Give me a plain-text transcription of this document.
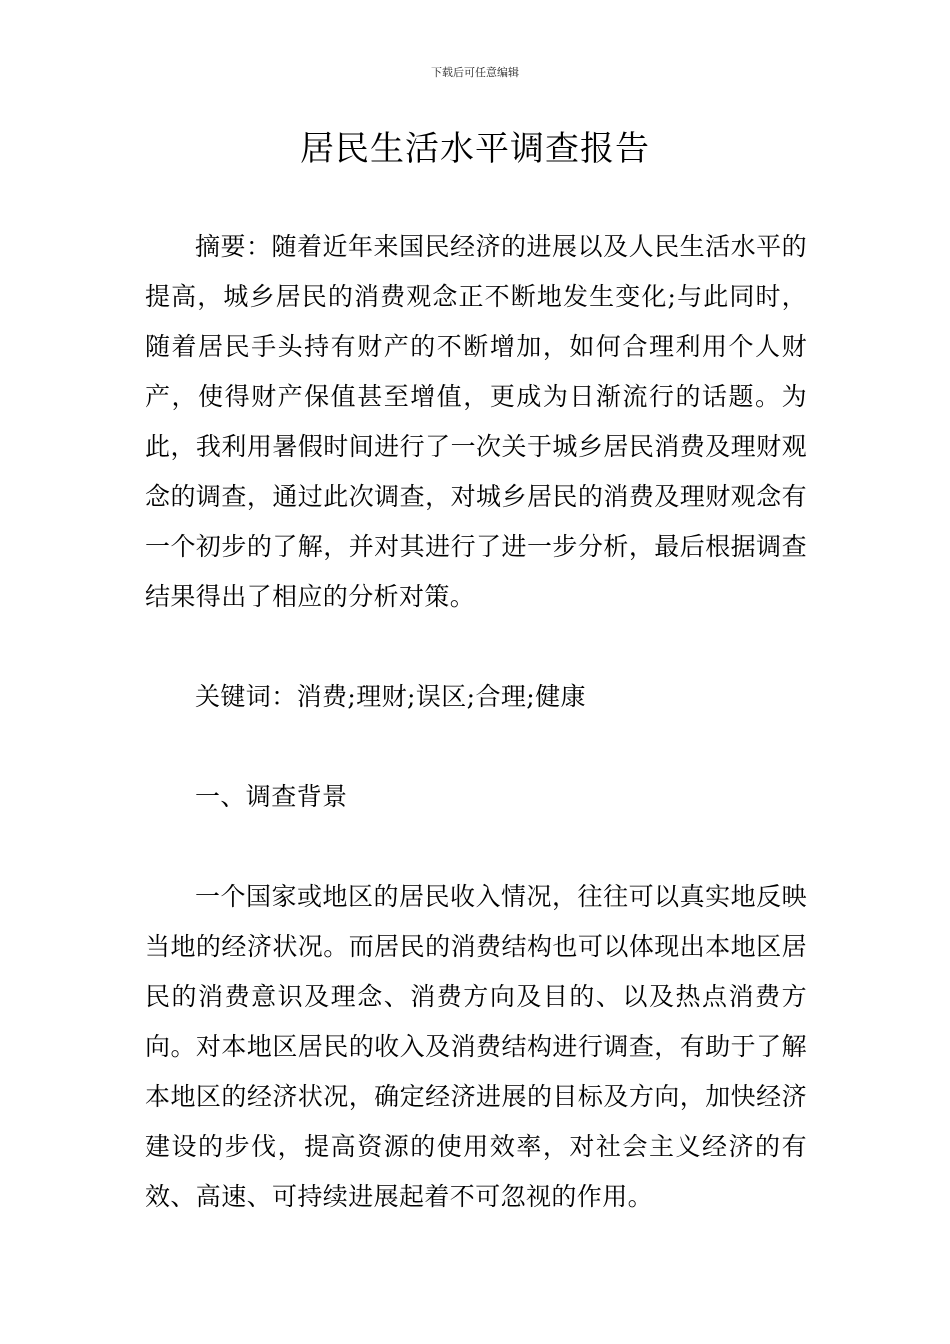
下载后可任意编辑
居民生活水平调查报告

摘要：随着近年来国民经济的进展以及人民生活水平的提高，城乡居民的消费观念正不断地发生变化;与此同时，随着居民手头持有财产的不断增加，如何合理利用个人财产，使得财产保值甚至增值，更成为日渐流行的话题。为此，我利用暑假时间进行了一次关于城乡居民消费及理财观念的调查，通过此次调查，对城乡居民的消费及理财观念有一个初步的了解，并对其进行了进一步分析，最后根据调查结果得出了相应的分析对策。

关键词：消费;理财;误区;合理;健康

一、调查背景

一个国家或地区的居民收入情况，往往可以真实地反映当地的经济状况。而居民的消费结构也可以体现出本地区居民的消费意识及理念、消费方向及目的、以及热点消费方向。对本地区居民的收入及消费结构进行调查，有助于了解本地区的经济状况，确定经济进展的目标及方向，加快经济建设的步伐，提高资源的使用效率，对社会主义经济的有效、高速、可持续进展起着不可忽视的作用。
